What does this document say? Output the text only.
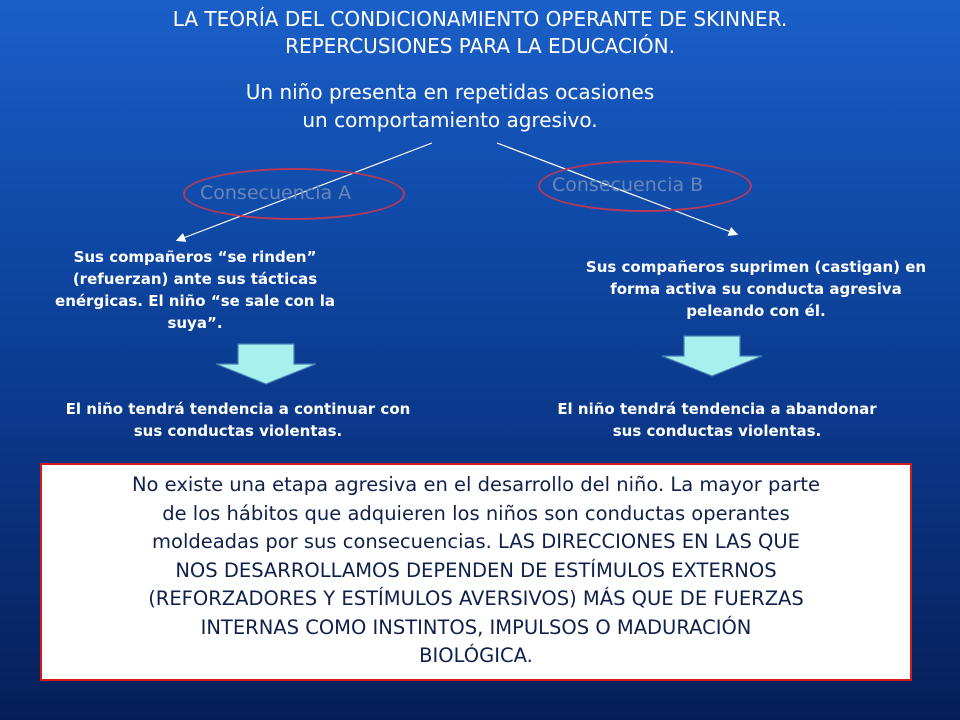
LA TEORÍA DEL CONDICIONAMIENTO OPERANTE DE SKINNER.
REPERCUSIONES PARA LA EDUCACIÓN.
Un niño presenta en repetidas ocasiones
un comportamiento agresivo.
Consecuencia A	Consecuencia B
Sus compañeros “se rinden”
(refuerzan) ante sus tácticas
enérgicas. El niño “se sale con la
suya”.
Sus compañeros suprimen (castigan) en
forma activa su conducta agresiva
peleando con él.
El niño tendrá tendencia a continuar con
sus conductas violentas.
El niño tendrá tendencia a abandonar
sus conductas violentas.
No existe una etapa agresiva en el desarrollo del niño. La mayor parte
de los hábitos que adquieren los niños son conductas operantes
moldeadas por sus consecuencias. LAS DIRECCIONES EN LAS QUE
NOS DESARROLLAMOS DEPENDEN DE ESTÍMULOS EXTERNOS
(REFORZADORES Y ESTÍMULOS AVERSIVOS) MÁS QUE DE FUERZAS
INTERNAS COMO INSTINTOS, IMPULSOS O MADURACIÓN
BIOLÓGICA.
